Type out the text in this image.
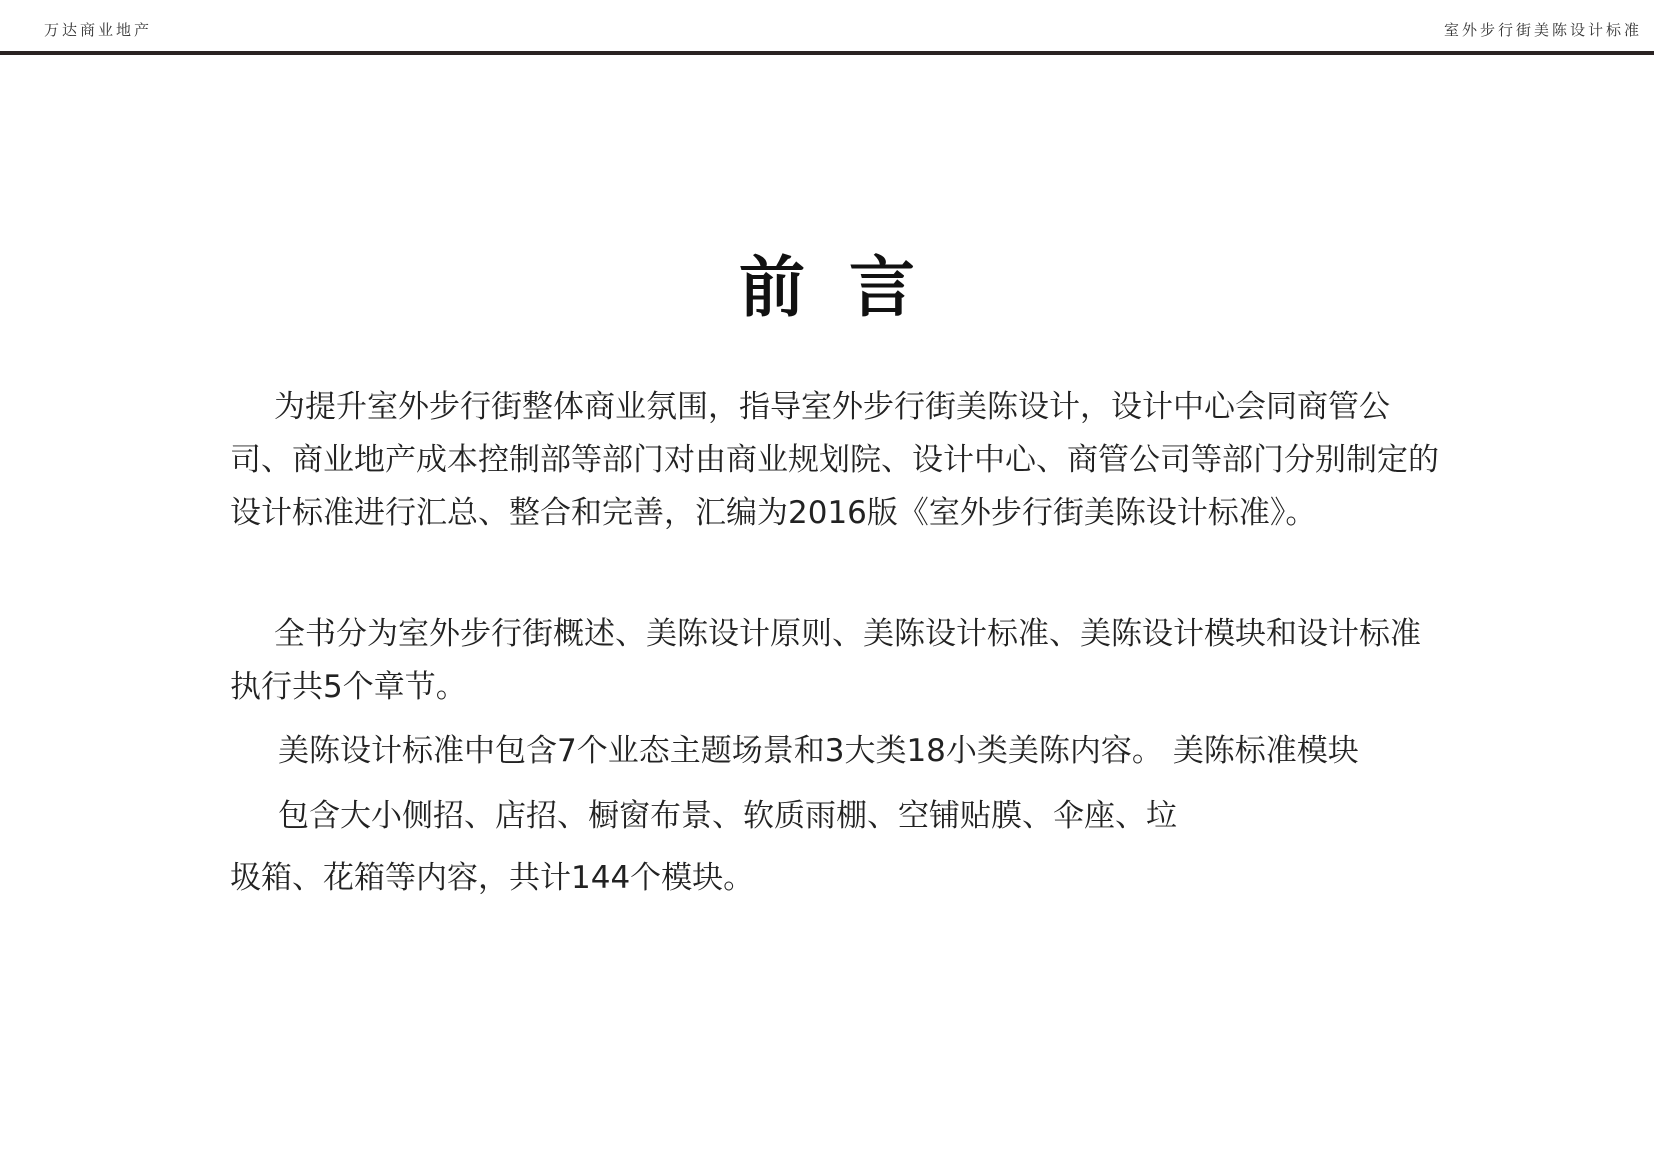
万达商业地产	室外步行街美陈设计标准
前言
为提升室外步行街整体商业氛围，指导室外步行街美陈设计，设计中心会同商管公司、商业地产成本控制部等部门对由商业规划院、设计中心、商管公司等部门分别制定的设计标准进行汇总、整合和完善，汇编为2016版《室外步行街美陈设计标准》。
全书分为室外步行街概述、美陈设计原则、美陈设计标准、美陈设计模块和设计标准执行共5个章节。
美陈设计标准中包含7个业态主题场景和3大类18小类美陈内容。 美陈标准模块
包含大小侧招、店招、橱窗布景、软质雨棚、空铺贴膜、伞座、垃
圾箱、花箱等内容，共计144个模块。
